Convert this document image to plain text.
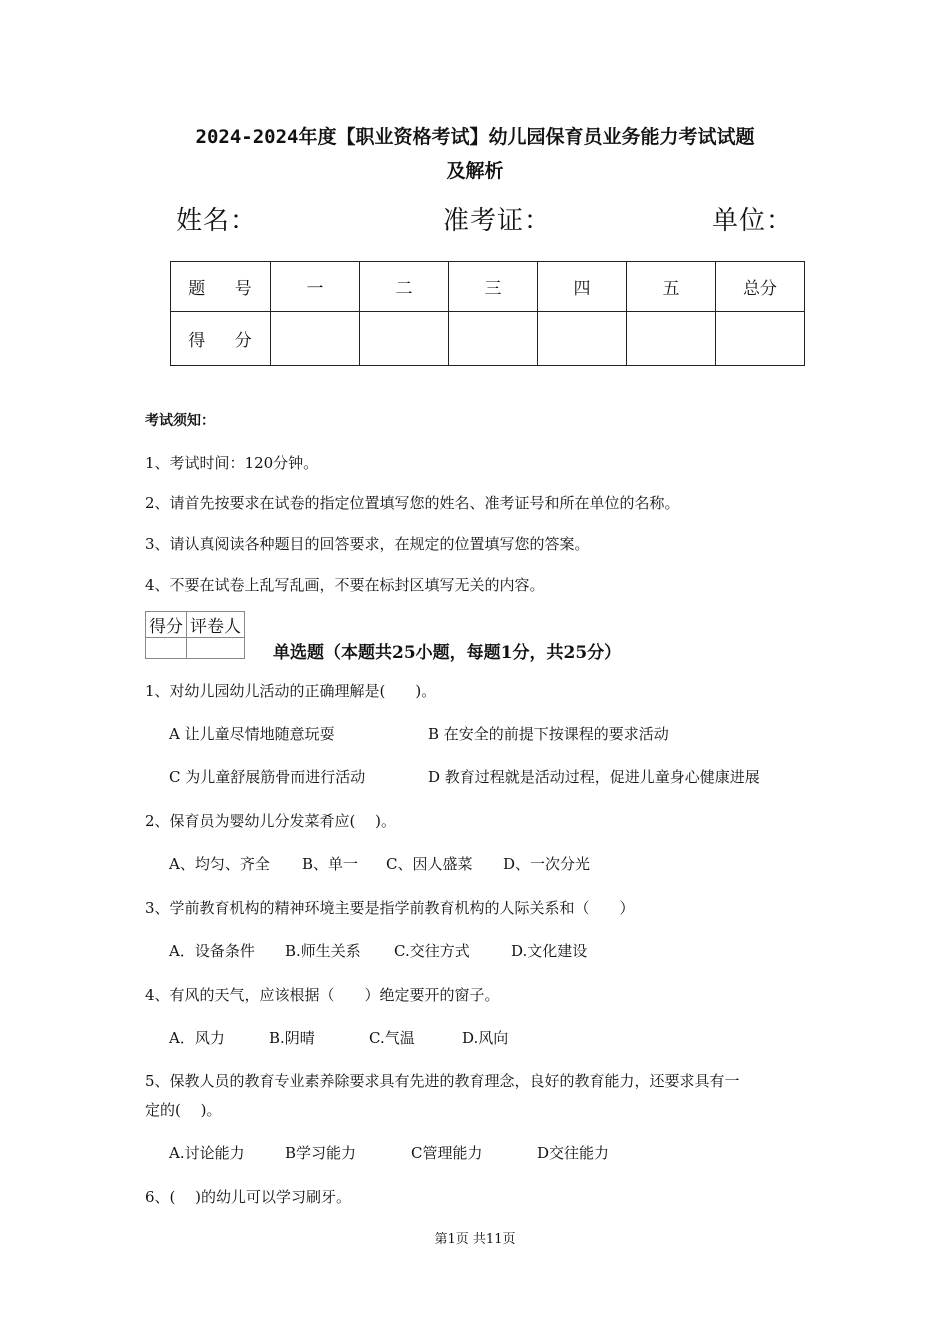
2024-2024年度【职业资格考试】幼儿园保育员业务能力考试试题
及解析
姓名：	准考证：	单位：
题 号	一	二	三	四	五	总分
得 分						
考试须知：
1、考试时间：120分钟。
2、请首先按要求在试卷的指定位置填写您的姓名、准考证号和所在单位的名称。
3、请认真阅读各种题目的回答要求，在规定的位置填写您的答案。
4、不要在试卷上乱写乱画，不要在标封区填写无关的内容。
得分	评卷人

单选题（本题共25小题，每题1分，共25分）
1、对幼儿园幼儿活动的正确理解是(　　)。
A 让儿童尽情地随意玩耍	B 在安全的前提下按课程的要求活动
C 为儿童舒展筋骨而进行活动	D 教育过程就是活动过程，促进儿童身心健康进展
2、保育员为婴幼儿分发菜肴应(　 )。
A、均匀、齐全 B、单一 C、因人盛菜 D、一次分光
3、学前教育机构的精神环境主要是指学前教育机构的人际关系和（　　）
A．设备条件 B.师生关系 C.交往方式	D.文化建设
4、有风的天气，应该根据（　　）绝定要开的窗子。
A．风力	B.阴晴	C.气温	D.风向
5、保教人员的教育专业素养除要求具有先进的教育理念，良好的教育能力，还要求具有一
定的(　 )。
A.讨论能力	B学习能力	C管理能力	D交往能力
6、(　 )的幼儿可以学习刷牙。
第1页 共11页
